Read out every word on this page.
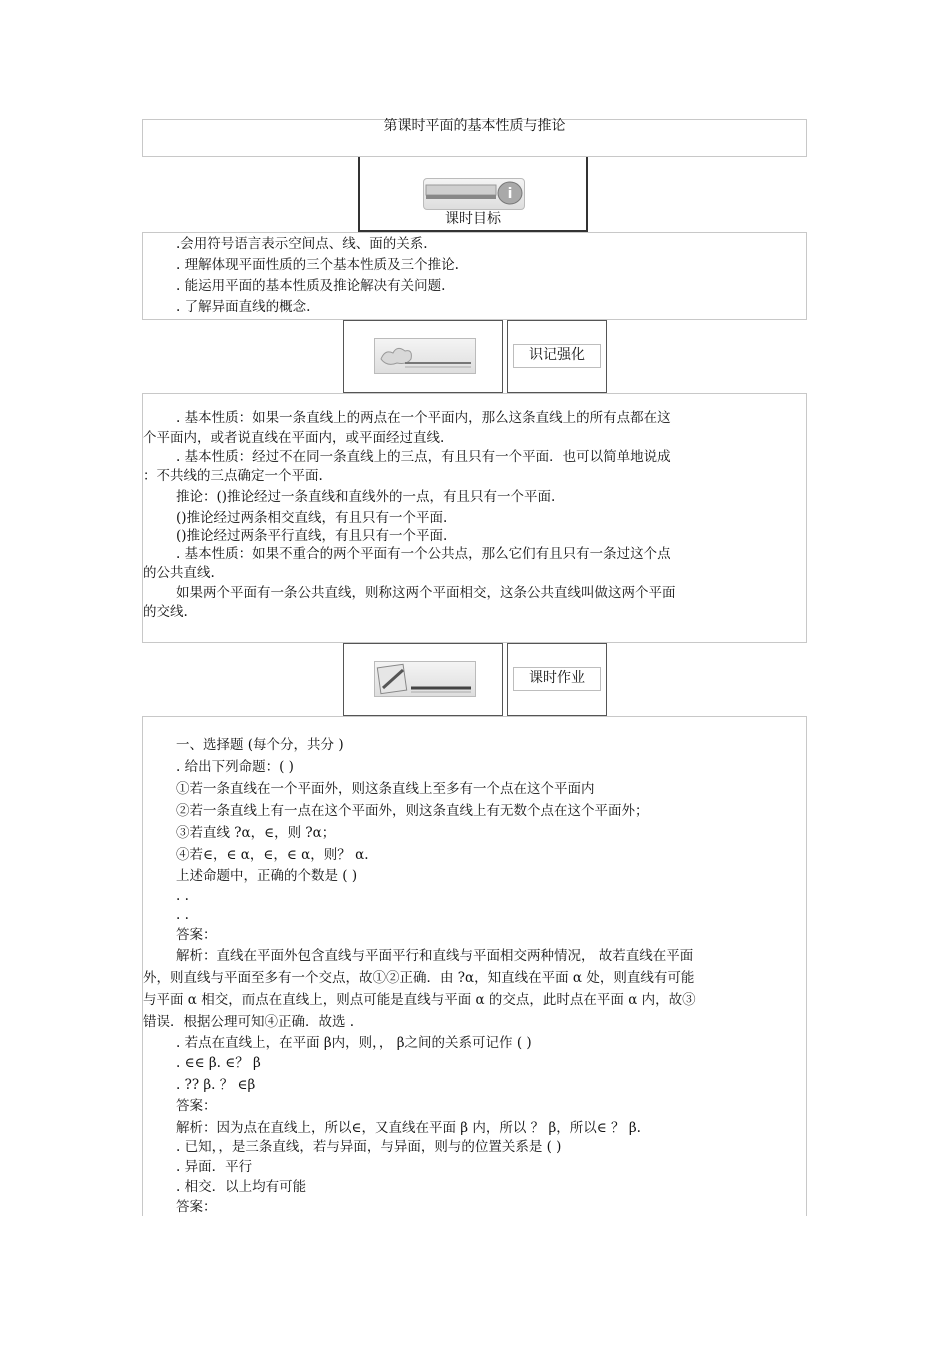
第课时平面的基本性质与推论
i
课时目标
.会用符号语言表示空间点、线、面的关系.
. 理解体现平面性质的三个基本性质及三个推论.
. 能运用平面的基本性质及推论解决有关问题.
. 了解异面直线的概念.
识记强化
. 基本性质：如果一条直线上的两点在一个平面内，那么这条直线上的所有点都在这
个平面内，或者说直线在平面内，或平面经过直线.
. 基本性质：经过不在同一条直线上的三点，有且只有一个平面．也可以简单地说成
：不共线的三点确定一个平面.
推论：()推论经过一条直线和直线外的一点，有且只有一个平面.
()推论经过两条相交直线，有且只有一个平面.
()推论经过两条平行直线，有且只有一个平面.
. 基本性质：如果不重合的两个平面有一个公共点，那么它们有且只有一条过这个点
的公共直线.
如果两个平面有一条公共直线，则称这两个平面相交，这条公共直线叫做这两个平面
的交线.
课时作业
一、选择题 (每个分，共分 )
. 给出下列命题：( )
①若一条直线在一个平面外，则这条直线上至多有一个点在这个平面内
②若一条直线上有一点在这个平面外，则这条直线上有无数个点在这个平面外；
③若直线 ?α，∈，则 ?α；
④若∈，∈ α，∈，∈ α，则？ α.
上述命题中，正确的个数是 ( )
. .
. .
答案：
解析：直线在平面外包含直线与平面平行和直线与平面相交两种情况， 故若直线在平面
外，则直线与平面至多有一个交点，故①②正确．由 ?α，知直线在平面 α 处，则直线有可能
与平面 α 相交，而点在直线上，则点可能是直线与平面 α 的交点，此时点在平面 α 内，故③
错误．根据公理可知④正确．故选 .
. 若点在直线上，在平面 β内，则，， β之间的关系可记作 ( )
. ∈∈ β. ∈？ β
. ?? β. ？ ∈β
答案：
解析：因为点在直线上，所以∈，又直线在平面 β 内，所以 ？ β，所以∈ ？ β.
. 已知，，是三条直线，若与异面，与异面，则与的位置关系是 ( )
. 异面．平行
. 相交．以上均有可能
答案：
